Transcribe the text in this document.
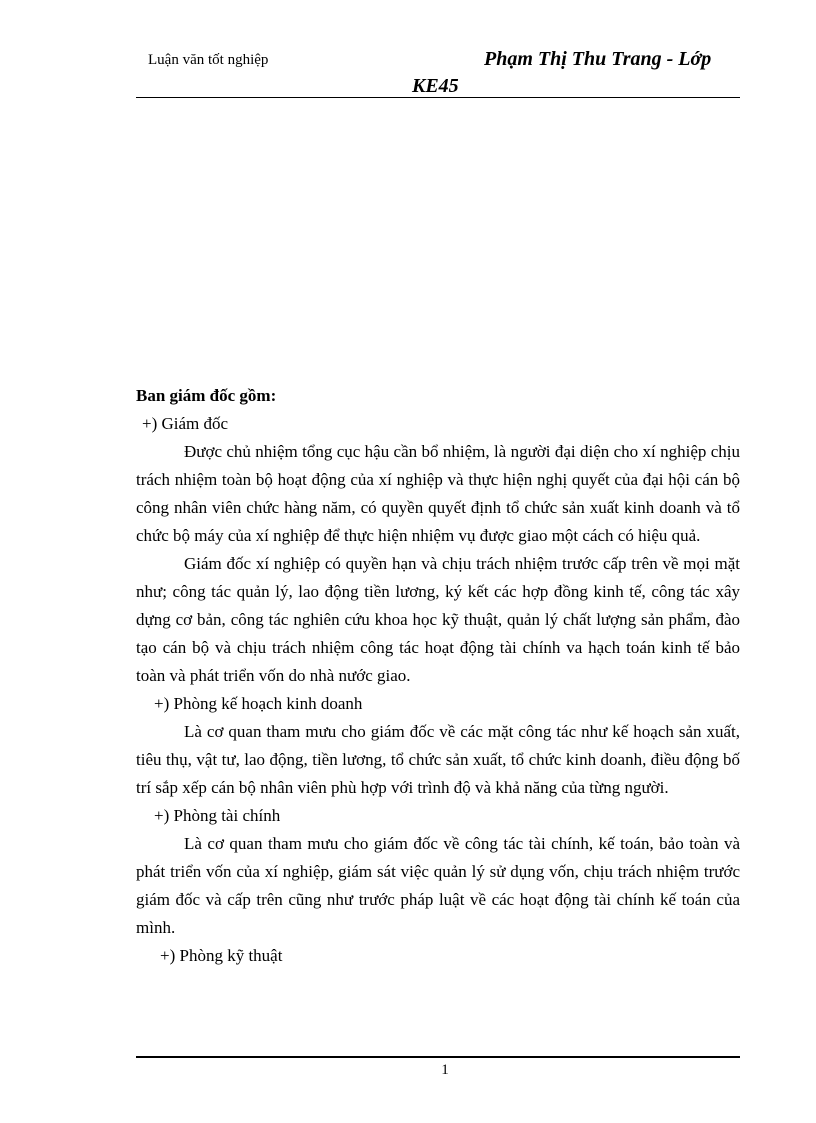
Luận văn tốt nghiệp	Phạm Thị Thu Trang - Lớp
KE45

Ban giám đốc gồm:

+) Giám đốc

Được chủ nhiệm tổng cục hậu cần bổ nhiệm, là người đại diện cho xí nghiệp chịu trách nhiệm toàn bộ hoạt động của xí nghiệp và thực hiện nghị quyết của đại hội cán bộ công nhân viên chức hàng năm, có quyền quyết định tổ chức sản xuất kinh doanh và tổ chức bộ máy của xí nghiệp để thực hiện nhiệm vụ được giao một cách có hiệu quả.

Giám đốc xí nghiệp có quyền hạn và chịu trách nhiệm trước cấp trên về mọi mặt như; công tác quản lý, lao động tiền lương, ký kết các hợp đồng kinh tế, công tác xây dựng cơ bản, công tác nghiên cứu khoa học kỹ thuật, quản lý chất lượng sản phẩm, đào tạo cán bộ và chịu trách nhiệm công tác hoạt động tài chính va hạch toán kinh tế bảo toàn và phát triển vốn do nhà nước giao.

+) Phòng kế hoạch kinh doanh

Là cơ quan tham mưu cho giám đốc về các mặt công tác như kế hoạch sản xuất, tiêu thụ, vật tư, lao động, tiền lương, tổ chức sản xuất, tổ chức kinh doanh, điều động bố trí sắp xếp cán bộ nhân viên phù hợp với trình độ và khả năng của từng người.

+) Phòng tài chính

Là cơ quan tham mưu cho giám đốc về công tác tài chính, kế toán, bảo toàn và phát triển vốn của xí nghiệp, giám sát việc quản lý sử dụng vốn, chịu trách nhiệm trước giám đốc và cấp trên cũng như trước pháp luật về các hoạt động tài chính kế toán của mình.

+) Phòng kỹ thuật

1
